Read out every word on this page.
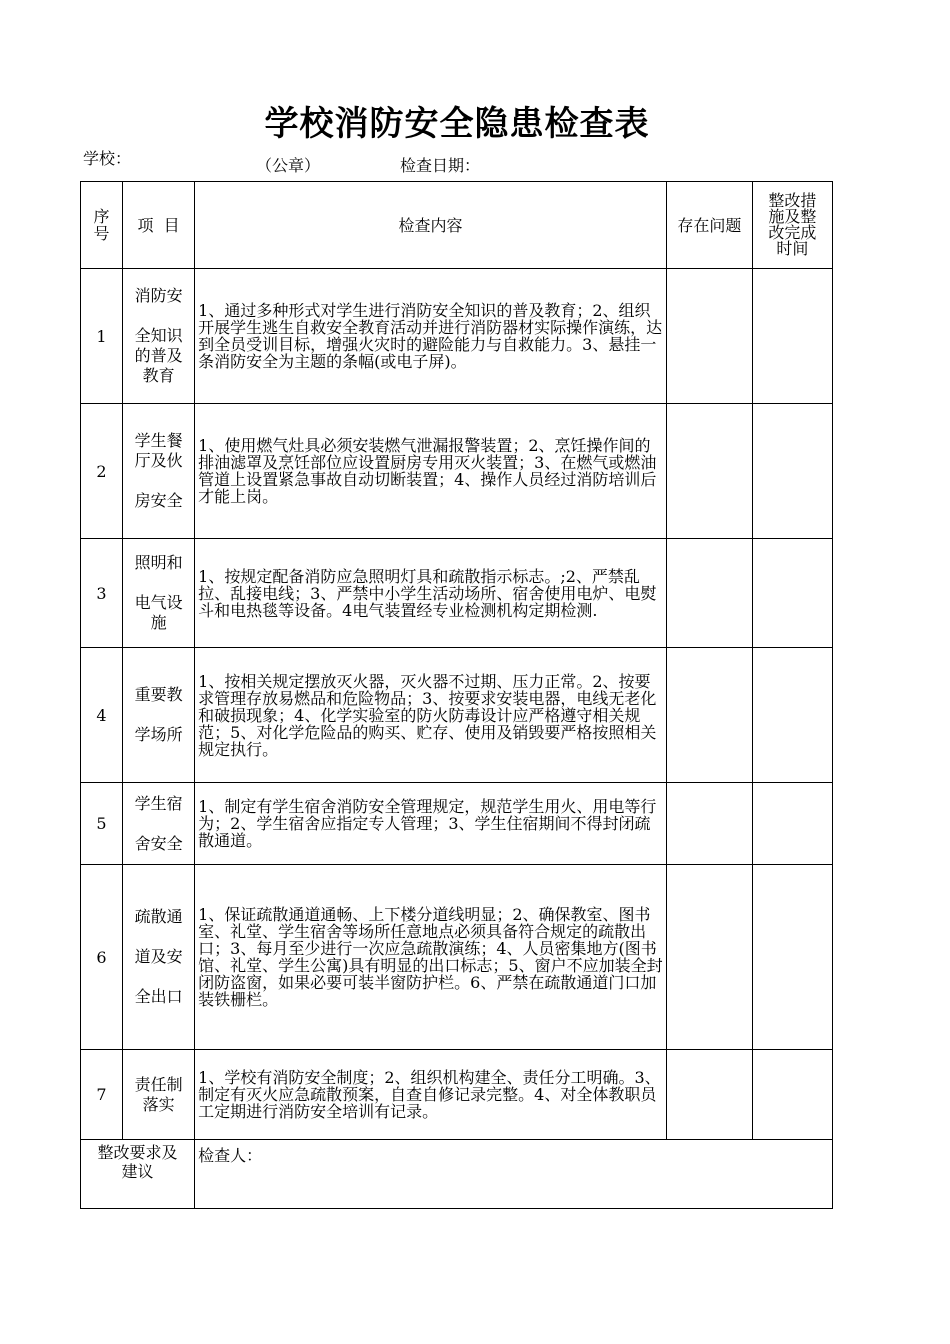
学校消防安全隐患检查表
学校：	（公章）	检查日期：
序号	项  目	检查内容	存在问题	整改措施及整改完成时间

1	消防安

全知识
的普及
教育	1、通过多种形式对学生进行消防安全知识的普及教育；2、组织开展学生逃生自救安全教育活动并进行消防器材实际操作演练，达到全员受训目标，增强火灾时的避险能力与自救能力。3、悬挂一条消防安全为主题的条幅(或电子屏)。		
2	学生餐
厅及伙

房安全	1、使用燃气灶具必须安装燃气泄漏报警装置；2、烹饪操作间的排油滤罩及烹饪部位应设置厨房专用灭火装置；3、在燃气或燃油管道上设置紧急事故自动切断装置；4、操作人员经过消防培训后才能上岗。		
3	照明和

电气设
施	1、按规定配备消防应急照明灯具和疏散指示标志。;2、严禁乱拉、乱接电线；3、严禁中小学生活动场所、宿舍使用电炉、电熨斗和电热毯等设备。4电气装置经专业检测机构定期检测.		
4	重要教

学场所	1、按相关规定摆放灭火器，灭火器不过期、压力正常。2、按要求管理存放易燃品和危险物品；3、按要求安装电器，电线无老化和破损现象；4、化学实验室的防火防毒设计应严格遵守相关规范；5、对化学危险品的购买、贮存、使用及销毁要严格按照相关规定执行。		
5	学生宿

舍安全	1、制定有学生宿舍消防安全管理规定，规范学生用火、用电等行为；2、学生宿舍应指定专人管理；3、学生住宿期间不得封闭疏散通道。		
6	疏散通

道及安

全出口	1、保证疏散通道通畅、上下楼分道线明显；2、确保教室、图书室、礼堂、学生宿舍等场所任意地点必须具备符合规定的疏散出口；3、每月至少进行一次应急疏散演练；4、人员密集地方(图书馆、礼堂、学生公寓)具有明显的出口标志；5、窗户不应加装全封闭防盗窗，如果必要可装半窗防护栏。6、严禁在疏散通道门口加装铁栅栏。		
7	责任制
落实	1、学校有消防安全制度；2、组织机构建全、责任分工明确。3、制定有灭火应急疏散预案，自查自修记录完整。4、对全体教职员工定期进行消防安全培训有记录。		

整改要求及建议		检查人：		
